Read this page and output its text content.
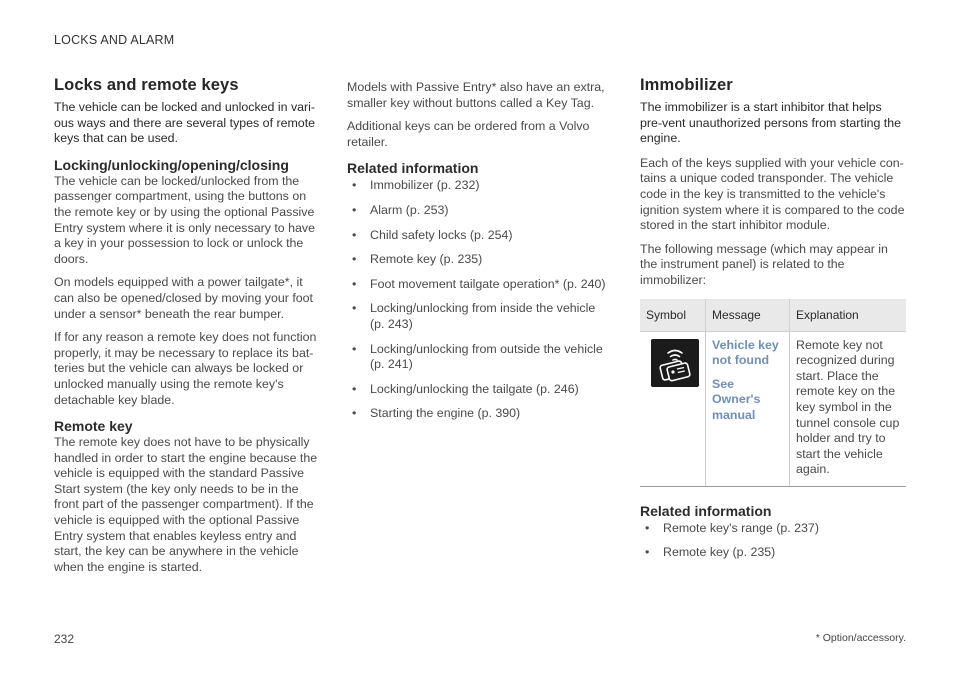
LOCKS AND ALARM
Locks and remote keys
The vehicle can be locked and unlocked in vari-ous ways and there are several types of remote keys that can be used.
Locking/unlocking/opening/closing

The vehicle can be locked/unlocked from the passenger compartment, using the buttons on the remote key or by using the optional Passive Entry system where it is only necessary to have a key in your possession to lock or unlock the doors.

On models equipped with a power tailgate*, it can also be opened/closed by moving your foot under a sensor* beneath the rear bumper.

If for any reason a remote key does not function properly, it may be necessary to replace its bat-teries but the vehicle can always be locked or unlocked manually using the remote key's detachable key blade.

Remote key

The remote key does not have to be physically handled in order to start the engine because the vehicle is equipped with the standard Passive Start system (the key only needs to be in the front part of the passenger compartment). If the vehicle is equipped with the optional Passive Entry system that enables keyless entry and start, the key can be anywhere in the vehicle when the engine is started.

Models with Passive Entry* also have an extra, smaller key without buttons called a Key Tag.

Additional keys can be ordered from a Volvo retailer.

Related information
• Immobilizer (p. 232)
• Alarm (p. 253)
• Child safety locks (p. 254)
• Remote key (p. 235)
• Foot movement tailgate operation* (p. 240)
• Locking/unlocking from inside the vehicle (p. 243)
• Locking/unlocking from outside the vehicle (p. 241)
• Locking/unlocking the tailgate (p. 246)
• Starting the engine (p. 390)
Immobilizer
The immobilizer is a start inhibitor that helps pre-vent unauthorized persons from starting the engine.

Each of the keys supplied with your vehicle con-tains a unique coded transponder. The vehicle code in the key is transmitted to the vehicle's ignition system where it is compared to the code stored in the start inhibitor module.

The following message (which may appear in the instrument panel) is related to the immobilizer:

Symbol	Message	Explanation

	Vehicle key not found
See Owner's manual	Remote key not recognized during start. Place the remote key on the key symbol in the tunnel console cup holder and try to start the vehicle again.
Related information
• Remote key's range (p. 237)
• Remote key (p. 235)
232	* Option/accessory.
